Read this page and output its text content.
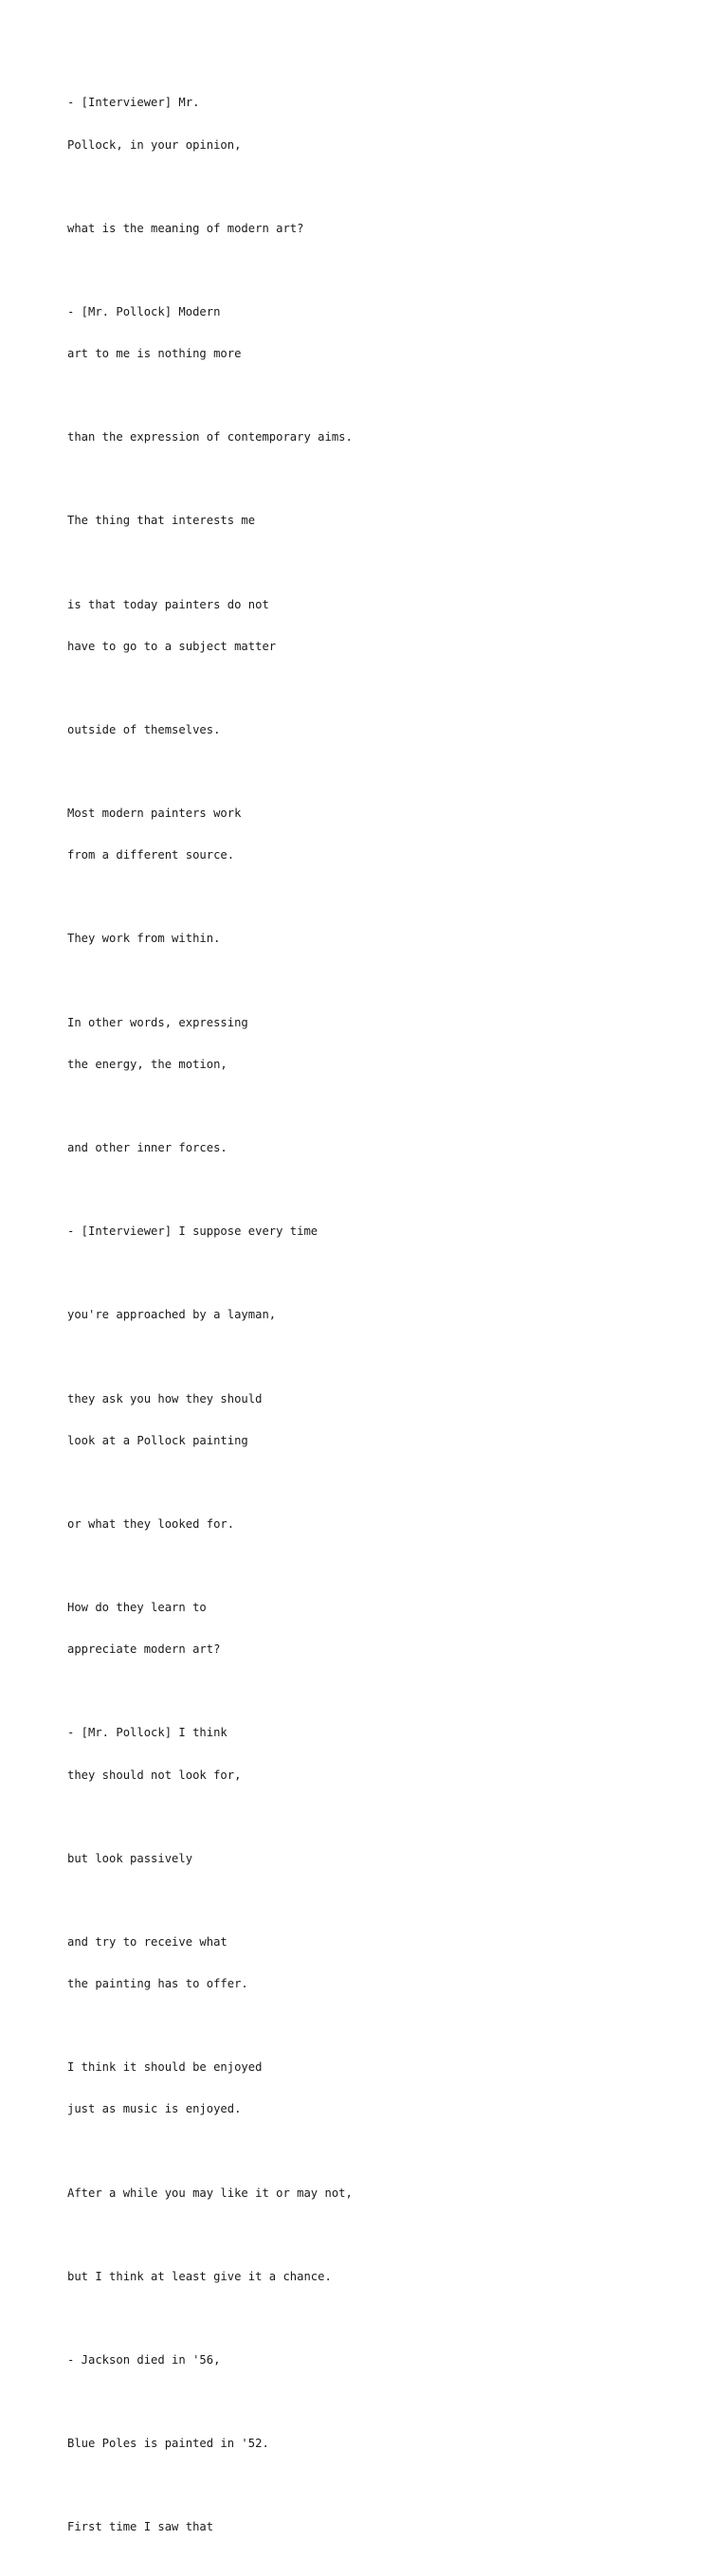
- [Interviewer] Mr.

Pollock, in your opinion,

what is the meaning of modern art?

- [Mr. Pollock] Modern

art to me is nothing more

than the expression of contemporary aims.

The thing that interests me

is that today painters do not

have to go to a subject matter

outside of themselves.

Most modern painters work

from a different source.

They work from within.

In other words, expressing

the energy, the motion,

and other inner forces.

- [Interviewer] I suppose every time

you're approached by a layman,

they ask you how they should

look at a Pollock painting

or what they looked for.

How do they learn to

appreciate modern art?

- [Mr. Pollock] I think

they should not look for,

but look passively

and try to receive what

the painting has to offer.

I think it should be enjoyed

just as music is enjoyed.

After a while you may like it or may not,

but I think at least give it a chance.

- Jackson died in '56,

Blue Poles is painted in '52.

First time I saw that
